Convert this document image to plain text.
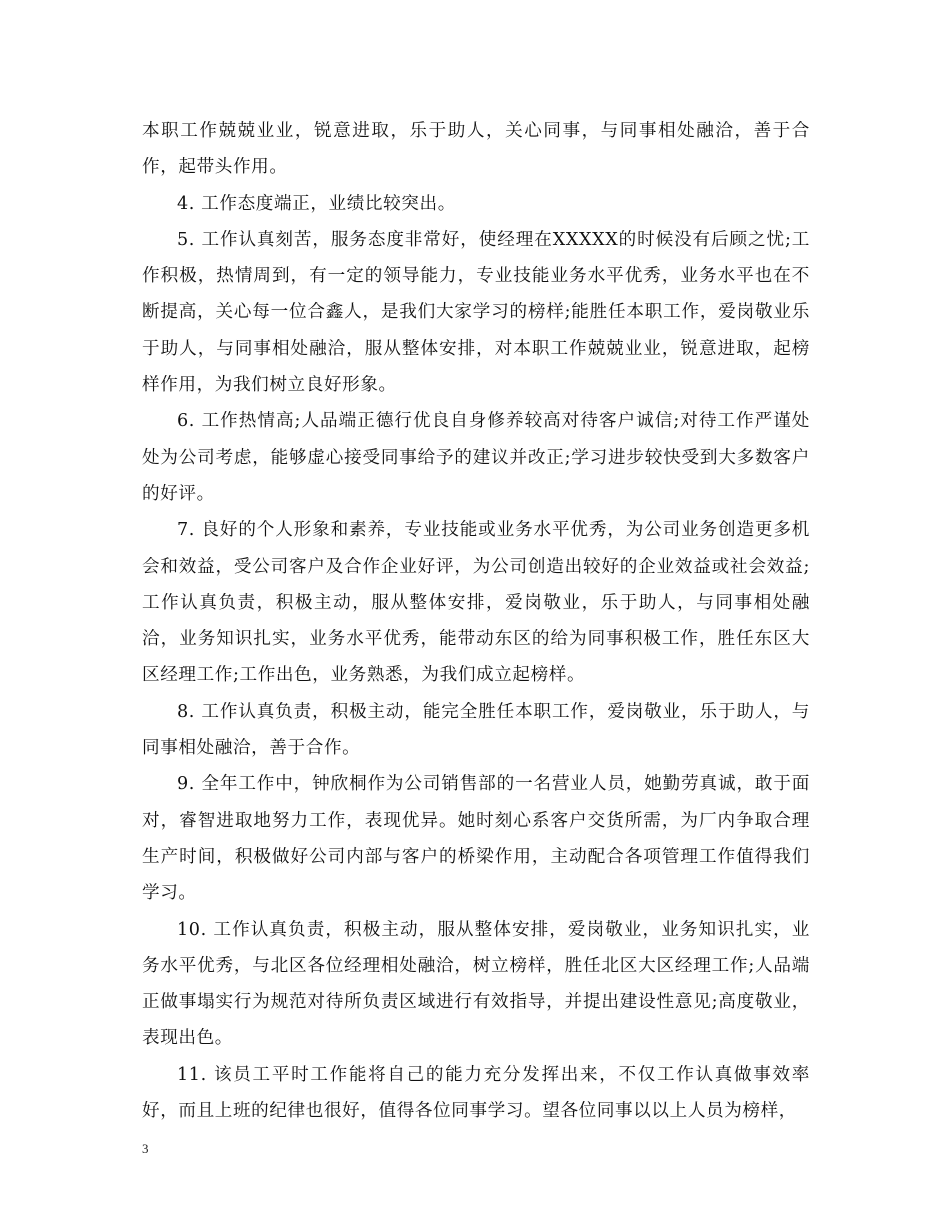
本职工作兢兢业业，锐意进取，乐于助人，关心同事，与同事相处融洽，善于合作，起带头作用。

4. 工作态度端正，业绩比较突出。

5. 工作认真刻苦，服务态度非常好，使经理在XXXXX的时候没有后顾之忧;工作积极，热情周到，有一定的领导能力，专业技能业务水平优秀，业务水平也在不断提高，关心每一位合鑫人，是我们大家学习的榜样;能胜任本职工作，爱岗敬业乐于助人，与同事相处融洽，服从整体安排，对本职工作兢兢业业，锐意进取，起榜样作用，为我们树立良好形象。

6. 工作热情高;人品端正德行优良自身修养较高对待客户诚信;对待工作严谨处处为公司考虑，能够虚心接受同事给予的建议并改正;学习进步较快受到大多数客户的好评。

7. 良好的个人形象和素养，专业技能或业务水平优秀，为公司业务创造更多机会和效益，受公司客户及合作企业好评，为公司创造出较好的企业效益或社会效益;工作认真负责，积极主动，服从整体安排，爱岗敬业，乐于助人，与同事相处融洽，业务知识扎实，业务水平优秀，能带动东区的给为同事积极工作，胜任东区大区经理工作;工作出色，业务熟悉，为我们成立起榜样。

8. 工作认真负责，积极主动，能完全胜任本职工作，爱岗敬业，乐于助人，与同事相处融洽，善于合作。

9. 全年工作中，钟欣桐作为公司销售部的一名营业人员，她勤劳真诚，敢于面对，睿智进取地努力工作，表现优异。她时刻心系客户交货所需，为厂内争取合理生产时间，积极做好公司内部与客户的桥梁作用，主动配合各项管理工作值得我们学习。

10. 工作认真负责，积极主动，服从整体安排，爱岗敬业，业务知识扎实，业务水平优秀，与北区各位经理相处融洽，树立榜样，胜任北区大区经理工作;人品端正做事塌实行为规范对待所负责区域进行有效指导，并提出建设性意见;高度敬业，表现出色。

11. 该员工平时工作能将自己的能力充分发挥出来，不仅工作认真做事效率好，而且上班的纪律也很好，值得各位同事学习。望各位同事以以上人员为榜样，

3
